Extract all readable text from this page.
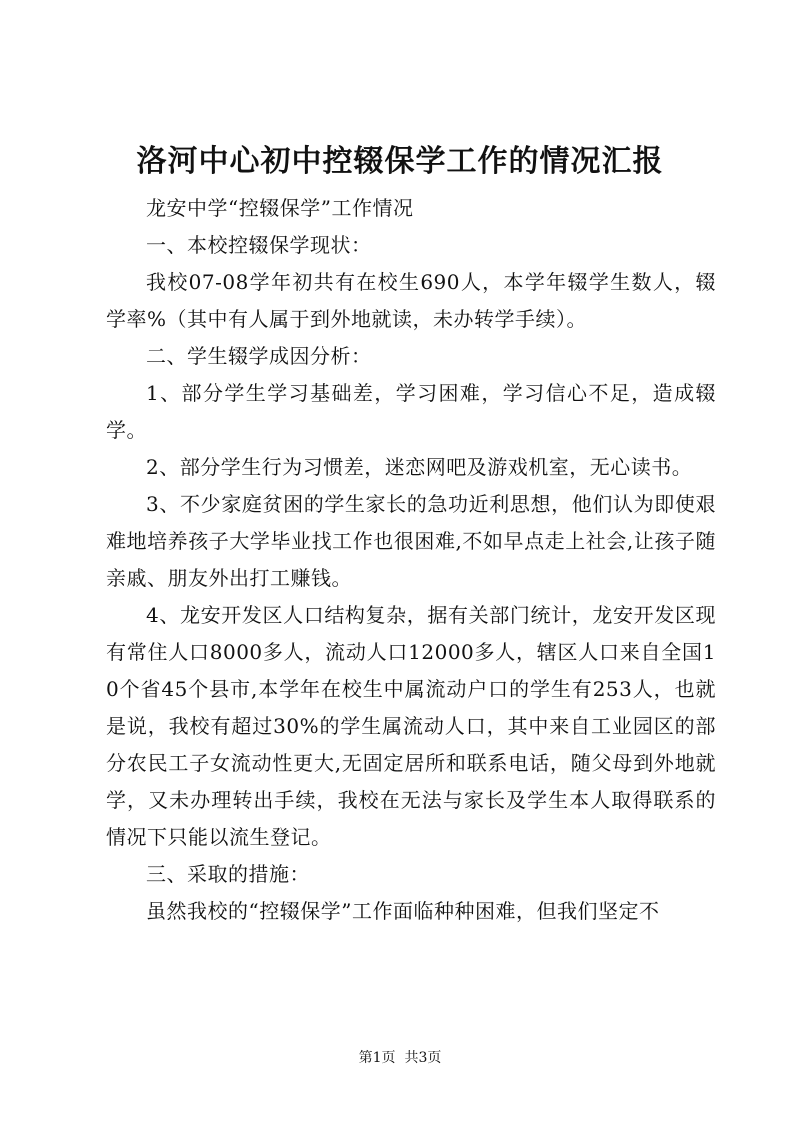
洛河中心初中控辍保学工作的情况汇报

龙安中学“控辍保学”工作情况

一、本校控辍保学现状：

我校07-08学年初共有在校生690人，本学年辍学生数人，辍学率%（其中有人属于到外地就读，未办转学手续）。

二、学生辍学成因分析：

1、部分学生学习基础差，学习困难，学习信心不足，造成辍学。

2、部分学生行为习惯差，迷恋网吧及游戏机室，无心读书。

3、不少家庭贫困的学生家长的急功近利思想，他们认为即使艰难地培养孩子大学毕业找工作也很困难,不如早点走上社会,让孩子随亲戚、朋友外出打工赚钱。

4、龙安开发区人口结构复杂，据有关部门统计，龙安开发区现有常住人口8000多人，流动人口12000多人，辖区人口来自全国10个省45个县市,本学年在校生中属流动户口的学生有253人，也就是说，我校有超过30%的学生属流动人口，其中来自工业园区的部分农民工子女流动性更大,无固定居所和联系电话，随父母到外地就学，又未办理转出手续，我校在无法与家长及学生本人取得联系的情况下只能以流生登记。

三、采取的措施：

虽然我校的“控辍保学”工作面临种种困难，但我们坚定不

第1页 共3页
